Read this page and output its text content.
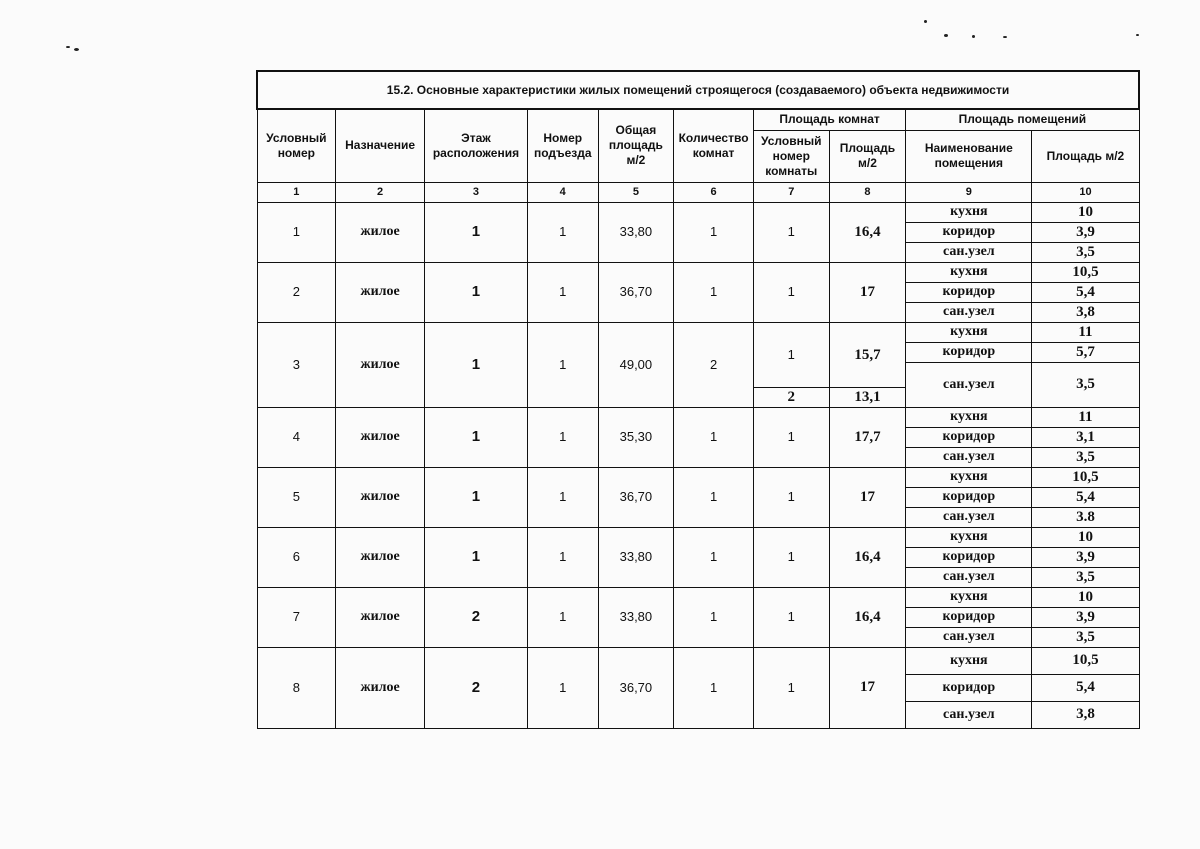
15.2. Основные характеристики жилых помещений строящегося (создаваемого) объекта недвижимости									
Условный номер	Назначение	Этаж расположения	Номер подъезда	Общая площадь м/2	Количество комнат	Площадь комнат		Площадь помещений	
						Условный номер комнаты	Площадь м/2	Наименование помещения	Площадь м/2
1	2	3	4	5	6	7	8	9	10
1	жилое	1	1	33,80	1	1	16,4	кухня	10
								коридор	3,9
								сан.узел	3,5
2	жилое	1	1	36,70	1	1	17	кухня	10,5
								коридор	5,4
								сан.узел	3,8
3	жилое	1	1	49,00	2	1	15,7	кухня	11
								коридор	5,7
								сан.узел	3,5
						2	13,1		
4	жилое	1	1	35,30	1	1	17,7	кухня	11
								коридор	3,1
								сан.узел	3,5
5	жилое	1	1	36,70	1	1	17	кухня	10,5
								коридор	5,4
								сан.узел	3.8
6	жилое	1	1	33,80	1	1	16,4	кухня	10
								коридор	3,9
								сан.узел	3,5
7	жилое	2	1	33,80	1	1	16,4	кухня	10
								коридор	3,9
								сан.узел	3,5
8	жилое	2	1	36,70	1	1	17	кухня	10,5
								коридор	5,4
								сан.узел	3,8
